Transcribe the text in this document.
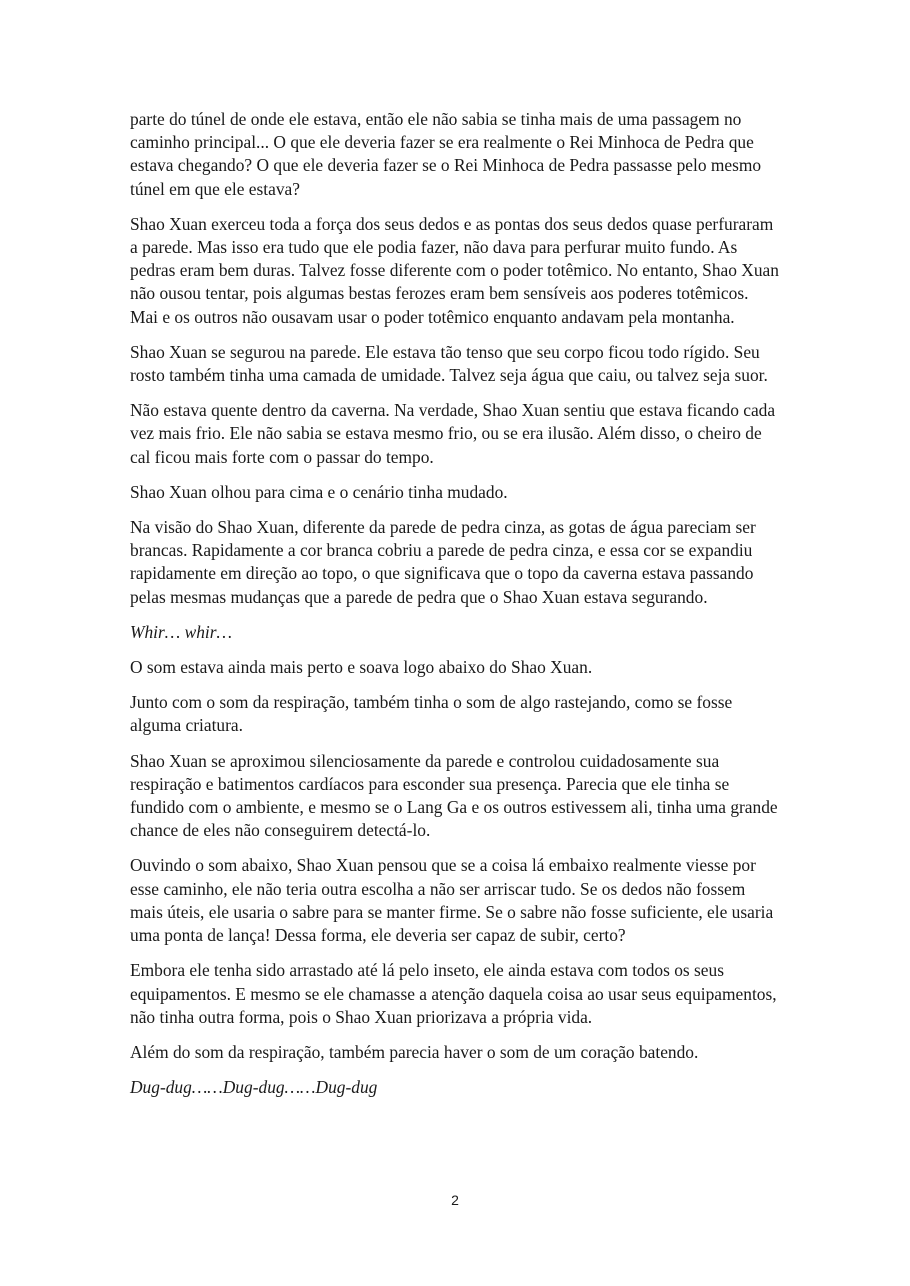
parte do túnel de onde ele estava, então ele não sabia se tinha mais de uma passagem no caminho principal... O que ele deveria fazer se era realmente o Rei Minhoca de Pedra que estava chegando? O que ele deveria fazer se o Rei Minhoca de Pedra passasse pelo mesmo túnel em que ele estava?

Shao Xuan exerceu toda a força dos seus dedos e as pontas dos seus dedos quase perfuraram a parede. Mas isso era tudo que ele podia fazer, não dava para perfurar muito fundo. As pedras eram bem duras. Talvez fosse diferente com o poder totêmico. No entanto, Shao Xuan não ousou tentar, pois algumas bestas ferozes eram bem sensíveis aos poderes totêmicos. Mai e os outros não ousavam usar o poder totêmico enquanto andavam pela montanha.

Shao Xuan se segurou na parede. Ele estava tão tenso que seu corpo ficou todo rígido. Seu rosto também tinha uma camada de umidade. Talvez seja água que caiu, ou talvez seja suor.

Não estava quente dentro da caverna. Na verdade, Shao Xuan sentiu que estava ficando cada vez mais frio. Ele não sabia se estava mesmo frio, ou se era ilusão. Além disso, o cheiro de cal ficou mais forte com o passar do tempo.

Shao Xuan olhou para cima e o cenário tinha mudado.

Na visão do Shao Xuan, diferente da parede de pedra cinza, as gotas de água pareciam ser brancas. Rapidamente a cor branca cobriu a parede de pedra cinza, e essa cor se expandiu rapidamente em direção ao topo, o que significava que o topo da caverna estava passando pelas mesmas mudanças que a parede de pedra que o Shao Xuan estava segurando.

Whir… whir…

O som estava ainda mais perto e soava logo abaixo do Shao Xuan.

Junto com o som da respiração, também tinha o som de algo rastejando, como se fosse alguma criatura.

Shao Xuan se aproximou silenciosamente da parede e controlou cuidadosamente sua respiração e batimentos cardíacos para esconder sua presença. Parecia que ele tinha se fundido com o ambiente, e mesmo se o Lang Ga e os outros estivessem ali, tinha uma grande chance de eles não conseguirem detectá-lo.

Ouvindo o som abaixo, Shao Xuan pensou que se a coisa lá embaixo realmente viesse por esse caminho, ele não teria outra escolha a não ser arriscar tudo. Se os dedos não fossem mais úteis, ele usaria o sabre para se manter firme. Se o sabre não fosse suficiente, ele usaria uma ponta de lança! Dessa forma, ele deveria ser capaz de subir, certo?

Embora ele tenha sido arrastado até lá pelo inseto, ele ainda estava com todos os seus equipamentos. E mesmo se ele chamasse a atenção daquela coisa ao usar seus equipamentos, não tinha outra forma, pois o Shao Xuan priorizava a própria vida.

Além do som da respiração, também parecia haver o som de um coração batendo.

Dug-dug……Dug-dug……Dug-dug

2
